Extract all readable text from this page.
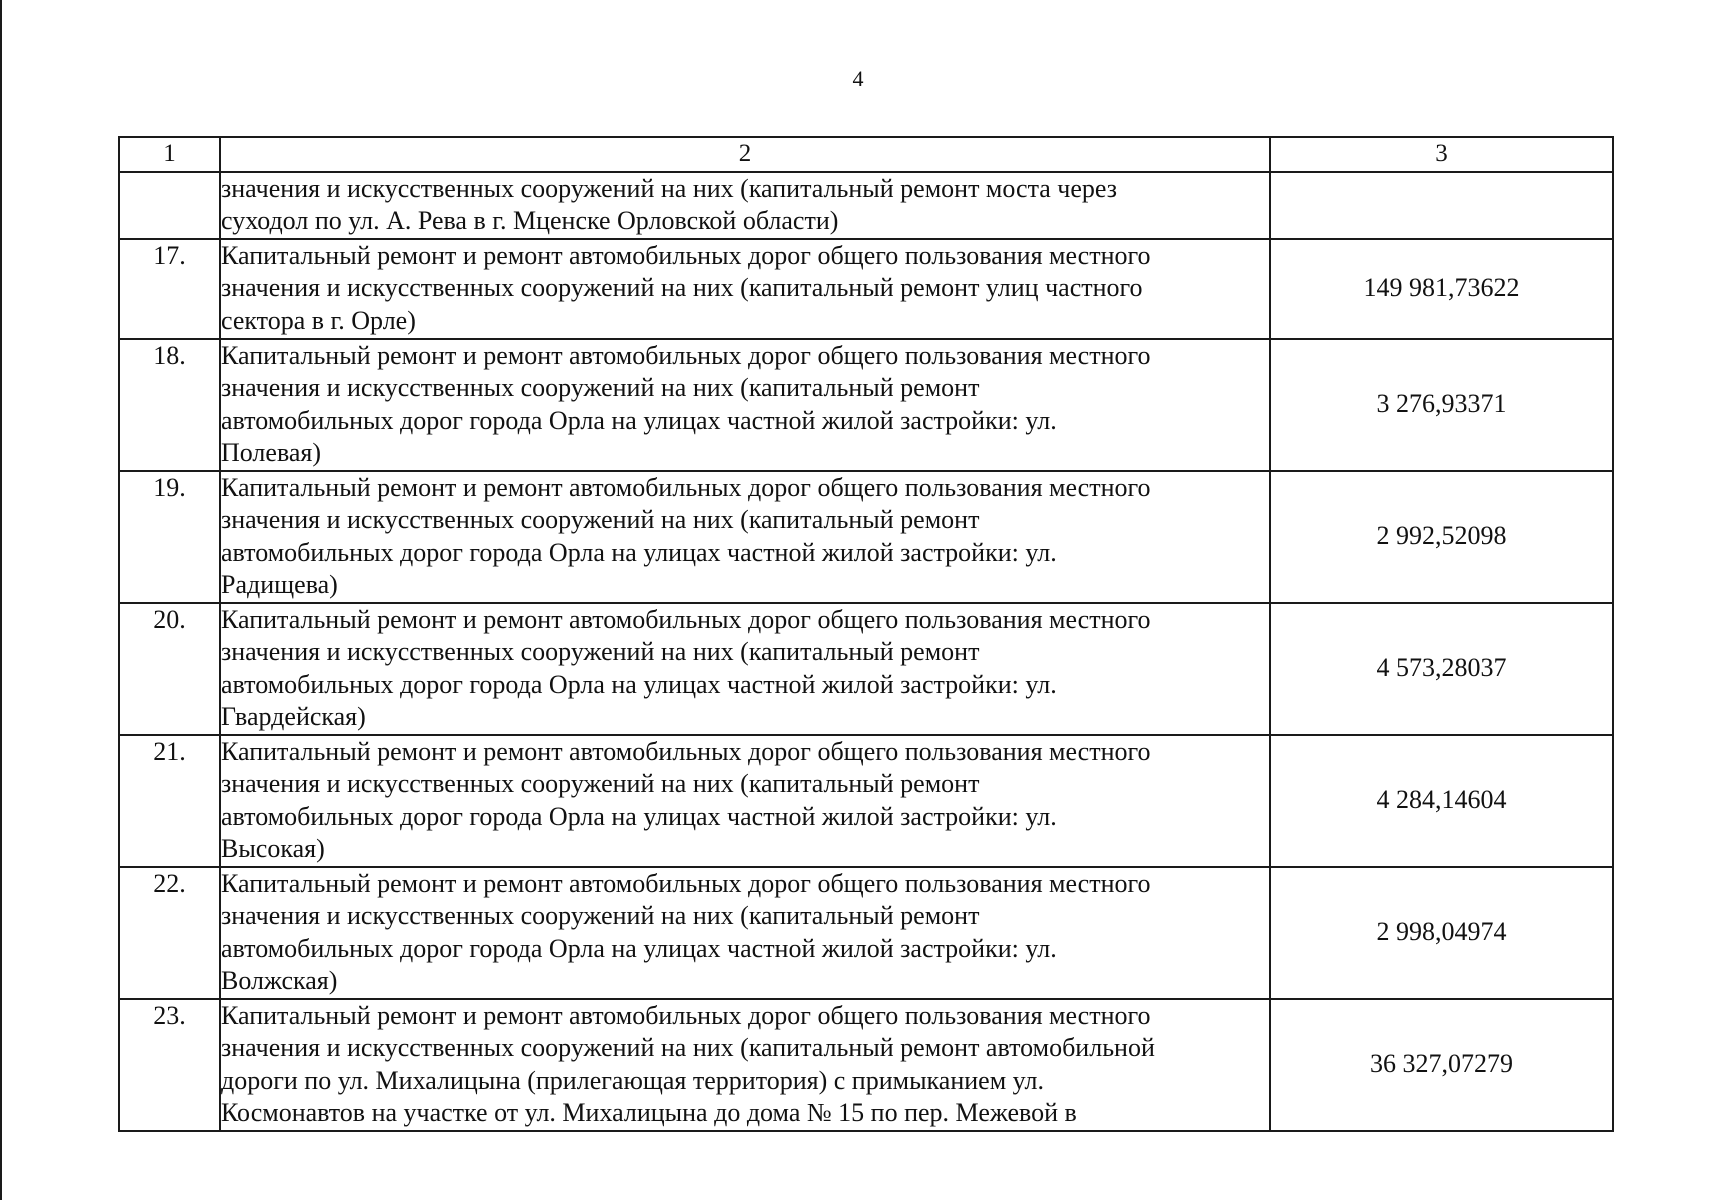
4
1	2	3

	значения и искусственных сооружений на них (капитальный ремонт моста через
суходол по ул. А. Рева в г. Мценске Орловской области)	

17.	Капитальный ремонт и ремонт автомобильных дорог общего пользования местного
значения и искусственных сооружений на них (капитальный ремонт улиц частного
сектора в г. Орле)	149 981,73622
18.	Капитальный ремонт и ремонт автомобильных дорог общего пользования местного
значения и искусственных сооружений на них (капитальный ремонт
автомобильных дорог города Орла на улицах частной жилой застройки: ул.
Полевая)	3 276,93371
19.	Капитальный ремонт и ремонт автомобильных дорог общего пользования местного
значения и искусственных сооружений на них (капитальный ремонт
автомобильных дорог города Орла на улицах частной жилой застройки: ул.
Радищева)	2 992,52098
20.	Капитальный ремонт и ремонт автомобильных дорог общего пользования местного
значения и искусственных сооружений на них (капитальный ремонт
автомобильных дорог города Орла на улицах частной жилой застройки: ул.
Гвардейская)	4 573,28037
21.	Капитальный ремонт и ремонт автомобильных дорог общего пользования местного
значения и искусственных сооружений на них (капитальный ремонт
автомобильных дорог города Орла на улицах частной жилой застройки: ул.
Высокая)	4 284,14604
22.	Капитальный ремонт и ремонт автомобильных дорог общего пользования местного
значения и искусственных сооружений на них (капитальный ремонт
автомобильных дорог города Орла на улицах частной жилой застройки: ул.
Волжская)	2 998,04974
23.	Капитальный ремонт и ремонт автомобильных дорог общего пользования местного
значения и искусственных сооружений на них (капитальный ремонт автомобильной
дороги по ул. Михалицына (прилегающая территория) с примыканием ул.
Космонавтов на участке от ул. Михалицына до дома № 15 по пер. Межевой в	36 327,07279
